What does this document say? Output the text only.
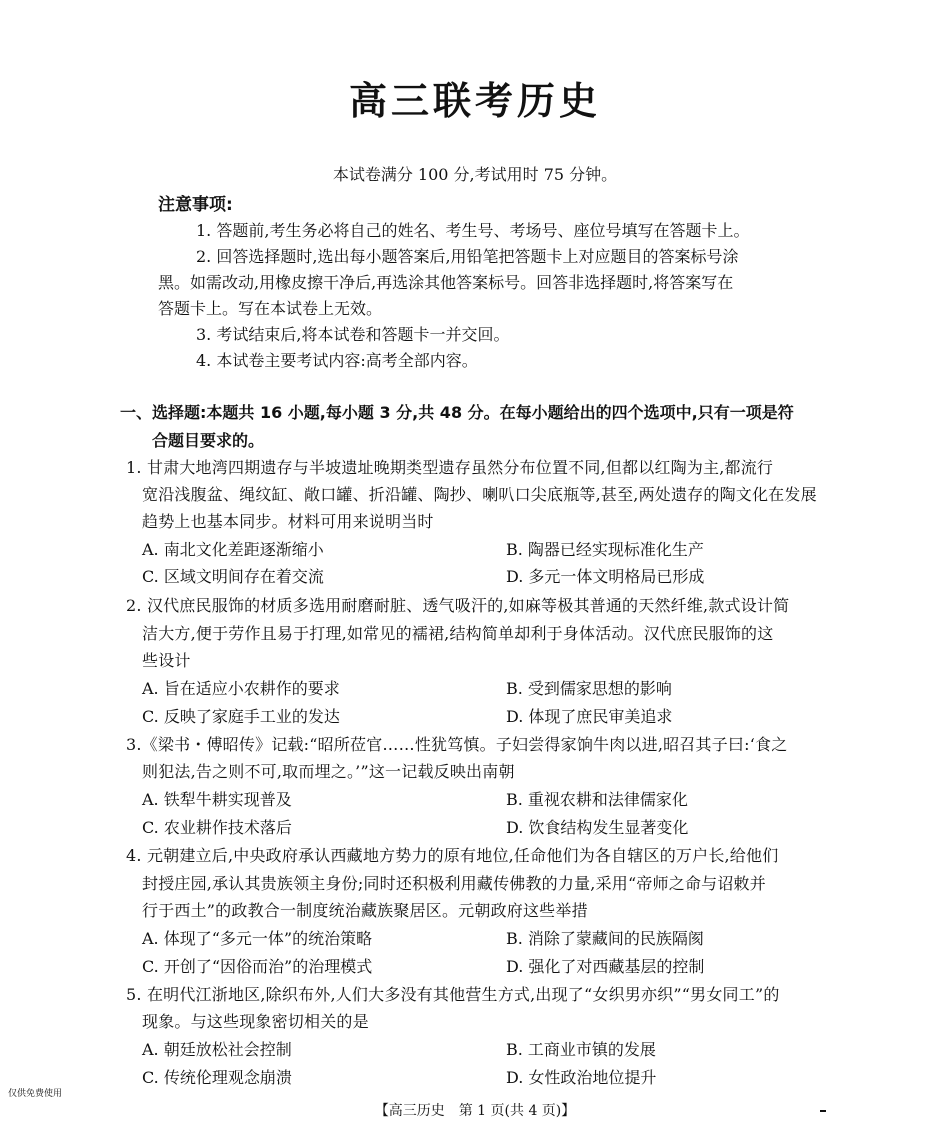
高三联考历史
本试卷满分 100 分,考试用时 75 分钟。
注意事项:
1. 答题前,考生务必将自己的姓名、考生号、考场号、座位号填写在答题卡上。
2. 回答选择题时,选出每小题答案后,用铅笔把答题卡上对应题目的答案标号涂
黑。如需改动,用橡皮擦干净后,再选涂其他答案标号。回答非选择题时,将答案写在
答题卡上。写在本试卷上无效。
3. 考试结束后,将本试卷和答题卡一并交回。
4. 本试卷主要考试内容:高考全部内容。
一、选择题:本题共 16 小题,每小题 3 分,共 48 分。在每小题给出的四个选项中,只有一项是符
合题目要求的。
1. 甘肃大地湾四期遗存与半坡遗址晚期类型遗存虽然分布位置不同,但都以红陶为主,都流行
宽沿浅腹盆、绳纹缸、敞口罐、折沿罐、陶抄、喇叭口尖底瓶等,甚至,两处遗存的陶文化在发展
趋势上也基本同步。材料可用来说明当时
A. 南北文化差距逐渐缩小	B. 陶器已经实现标准化生产
C. 区域文明间存在着交流	D. 多元一体文明格局已形成
2. 汉代庶民服饰的材质多选用耐磨耐脏、透气吸汗的,如麻等极其普通的天然纤维,款式设计简
洁大方,便于劳作且易于打理,如常见的襦裙,结构简单却利于身体活动。汉代庶民服饰的这
些设计
A. 旨在适应小农耕作的要求	B. 受到儒家思想的影响
C. 反映了家庭手工业的发达	D. 体现了庶民审美追求
3.《梁书・傅昭传》记载:“昭所莅官……性犹笃慎。子妇尝得家饷牛肉以进,昭召其子曰:‘食之
则犯法,告之则不可,取而埋之。’”这一记载反映出南朝
A. 铁犁牛耕实现普及	B. 重视农耕和法律儒家化
C. 农业耕作技术落后	D. 饮食结构发生显著变化
4. 元朝建立后,中央政府承认西藏地方势力的原有地位,任命他们为各自辖区的万户长,给他们
封授庄园,承认其贵族领主身份;同时还积极利用藏传佛教的力量,采用“帝师之命与诏敕并
行于西土”的政教合一制度统治藏族聚居区。元朝政府这些举措
A. 体现了“多元一体”的统治策略	B. 消除了蒙藏间的民族隔阂
C. 开创了“因俗而治”的治理模式	D. 强化了对西藏基层的控制
5. 在明代江浙地区,除织布外,人们大多没有其他营生方式,出现了“女织男亦织”“男女同工”的
现象。与这些现象密切相关的是
A. 朝廷放松社会控制	B. 工商业市镇的发展
C. 传统伦理观念崩溃	D. 女性政治地位提升
仅供免费使用
【高三历史　第 1 页(共 4 页)】
